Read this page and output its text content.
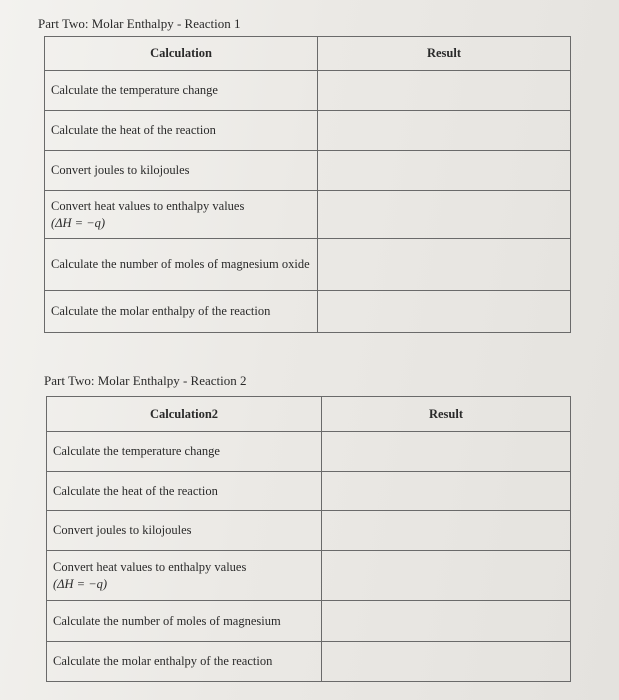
Part Two: Molar Enthalpy - Reaction 1
Calculation	Result
Calculate the temperature change	
Calculate the heat of the reaction	
Convert joules to kilojoules	

Convert heat values to enthalpy values
(ΔH = −q)	

Calculate the number of moles of magnesium oxide	
Calculate the molar enthalpy of the reaction	
Part Two: Molar Enthalpy - Reaction 2
Calculation2	Result
Calculate the temperature change	
Calculate the heat of the reaction	
Convert joules to kilojoules	

Convert heat values to enthalpy values
(ΔH = −q)	

Calculate the number of moles of magnesium	
Calculate the molar enthalpy of the reaction	
